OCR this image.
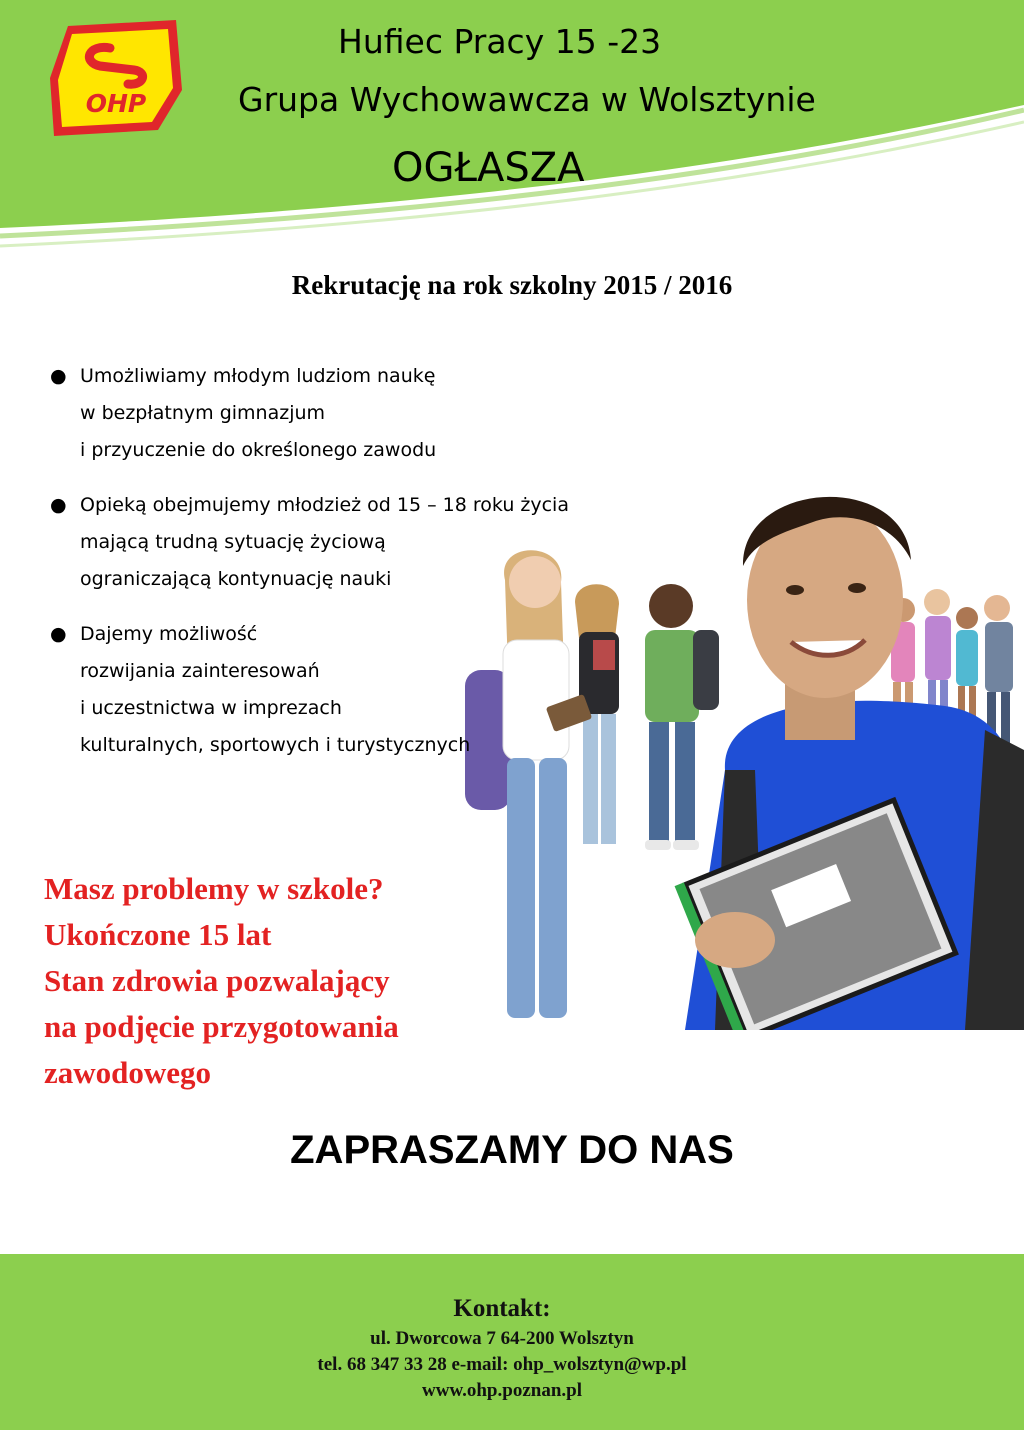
OHP
Hufiec Pracy 15 -23
Grupa Wychowawcza w Wolsztynie
OGŁASZA
Rekrutację na rok szkolny 2015 / 2016
● Umożliwiamy młodym ludziom naukę
w bezpłatnym gimnazjum
i przyuczenie do określonego zawodu
● Opieką obejmujemy młodzież od 15 – 18 roku życia
mającą trudną sytuację życiową
ograniczającą kontynuację nauki
● Dajemy możliwość
rozwijania zainteresowań
i uczestnictwa w imprezach
kulturalnych, sportowych i turystycznych
Masz problemy w szkole?
Ukończone 15 lat
Stan zdrowia pozwalający
na podjęcie przygotowania
zawodowego
ZAPRASZAMY DO NAS
Kontakt:
ul. Dworcowa 7 64-200 Wolsztyn
tel. 68 347 33 28 e-mail: ohp_wolsztyn@wp.pl
www.ohp.poznan.pl
